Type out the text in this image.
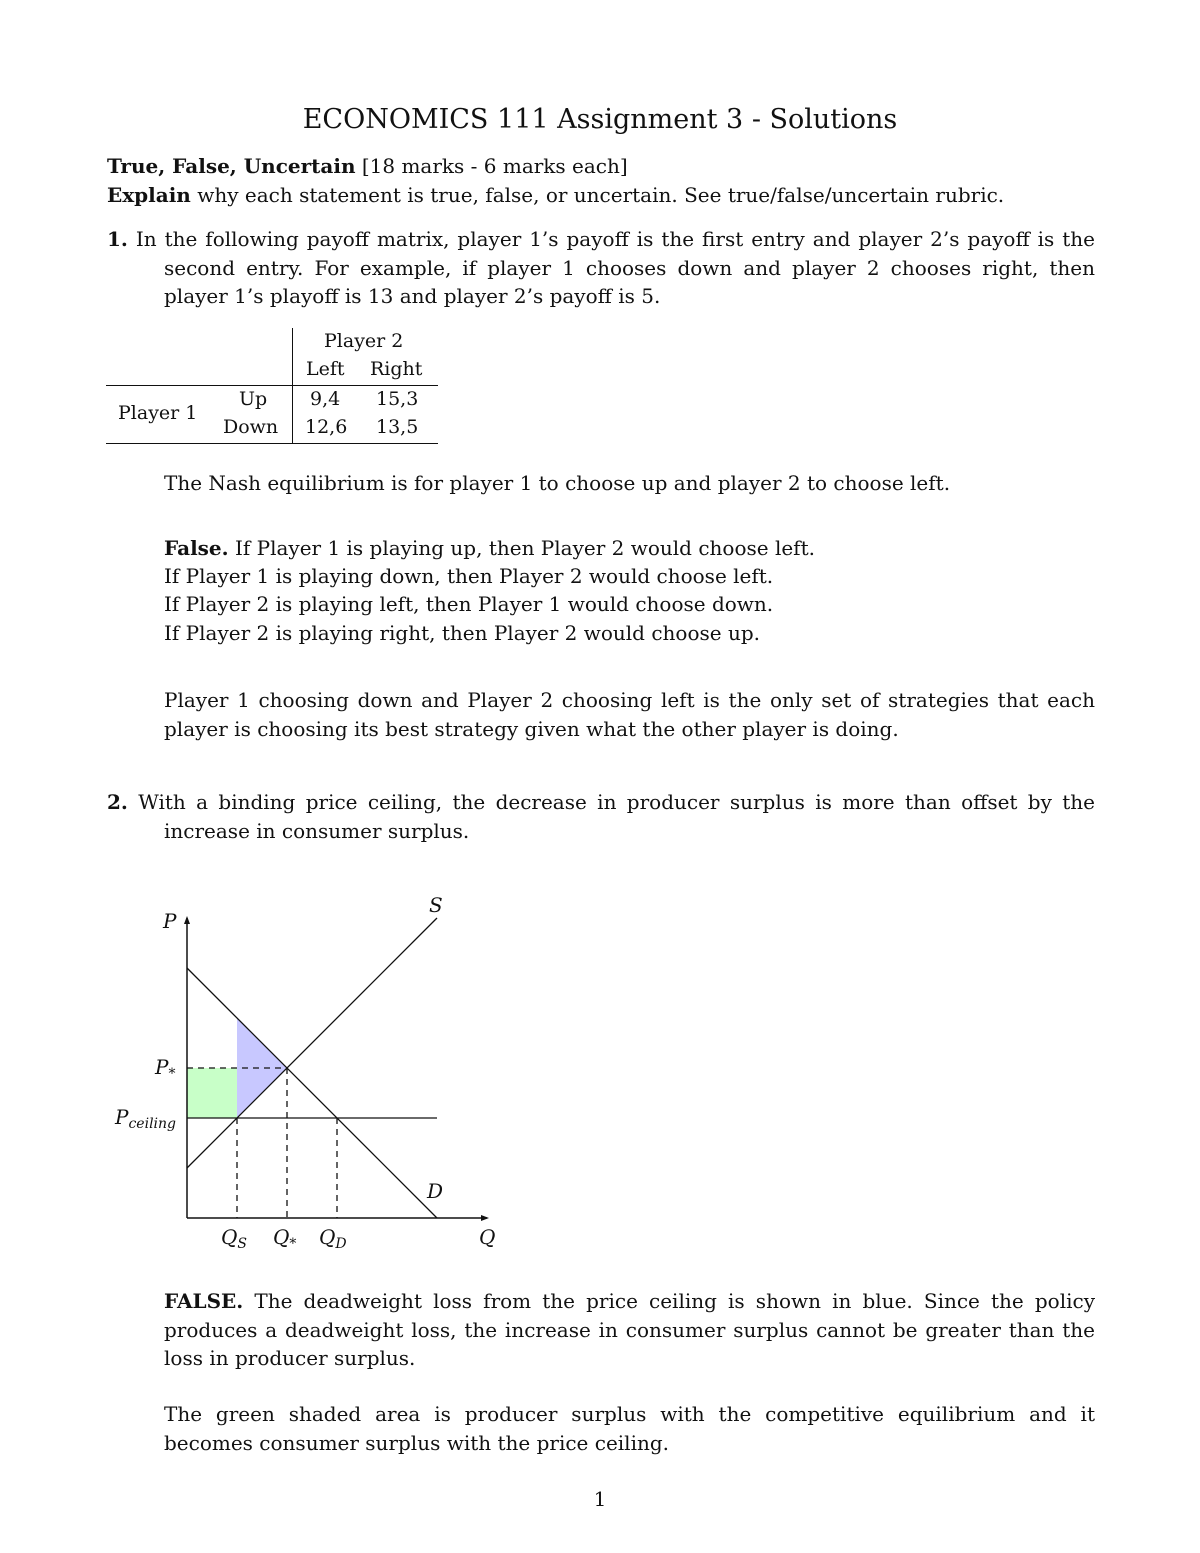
ECONOMICS 111 Assignment 3 - Solutions
True, False, Uncertain [18 marks - 6 marks each]
Explain why each statement is true, false, or uncertain. See true/false/uncertain rubric.
1. In the following payoff matrix, player 1’s payoff is the first entry and player 2’s payoff is the second entry. For example, if player 1 chooses down and player 2 chooses right, then player 1’s playoff is 13 and player 2’s payoff is 5.
Player 2
Left Right
Player 1
Up
Down
9,4 15,3
12,6 13,5
The Nash equilibrium is for player 1 to choose up and player 2 to choose left.
False. If Player 1 is playing up, then Player 2 would choose left.
If Player 1 is playing down, then Player 2 would choose left.
If Player 2 is playing left, then Player 1 would choose down.
If Player 2 is playing right, then Player 2 would choose up.
Player 1 choosing down and Player 2 choosing left is the only set of strategies that each player is choosing its best strategy given what the other player is doing.
2. With a binding price ceiling, the decrease in producer surplus is more than offset by the increase in consumer surplus.
P
Q
S
D
$P_*$
$P_{ceiling}$
$Q_S$ $Q_*$ $Q_D$
FALSE. The deadweight loss from the price ceiling is shown in blue. Since the policy produces a deadweight loss, the increase in consumer surplus cannot be greater than the loss in producer surplus.
The green shaded area is producer surplus with the competitive equilibrium and it becomes consumer surplus with the price ceiling.
1
